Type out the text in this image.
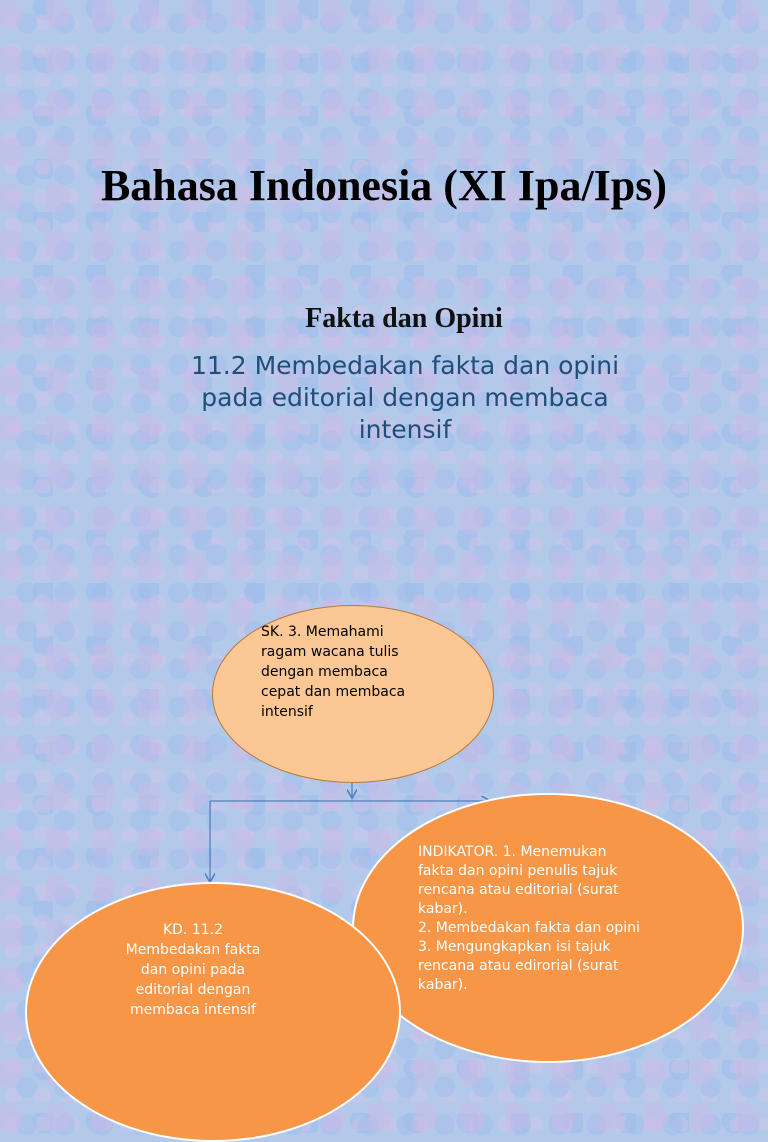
Bahasa Indonesia (XI Ipa/Ips)
Fakta dan Opini
11.2 Membedakan fakta dan opini
pada editorial dengan membaca
intensif
SK. 3. Memahami
ragam wacana tulis
dengan membaca
cepat dan membaca
intensif
INDIKATOR. 1. Menemukan
fakta dan opini penulis tajuk
rencana atau editorial (surat
kabar).
2. Membedakan fakta dan opini
3. Mengungkapkan isi tajuk
rencana atau edirorial (surat
kabar).
KD. 11.2
Membedakan fakta
dan opini pada
editorial dengan
membaca intensif
